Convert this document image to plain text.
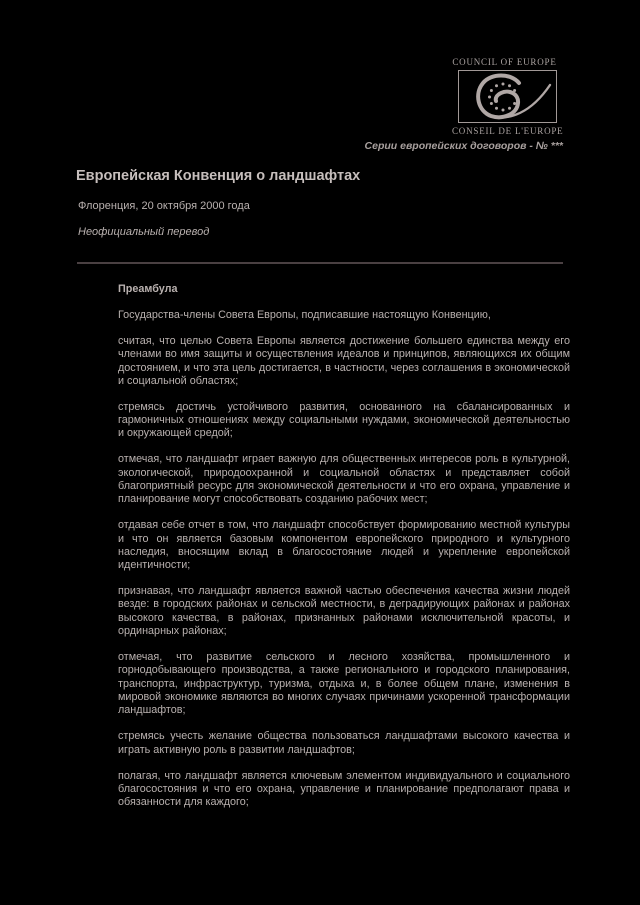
COUNCIL OF EUROPE
CONSEIL DE L'EUROPE
Серии европейских договоров - № ***
Европейская Конвенция о ландшафтах
Флоренция, 20 октября 2000 года
Неофициальный перевод
Преамбула

Государства-члены Совета Европы, подписавшие настоящую Конвенцию,

считая, что целью Совета Европы является достижение большего единства между его членами во имя защиты и осуществления идеалов и принципов, являющихся их общим достоянием, и что эта цель достигается, в частности, через соглашения в экономической и социальной областях;

стремясь достичь устойчивого развития, основанного на сбалансированных и гармоничных отношениях между социальными нуждами, экономической деятельностью и окружающей средой;

отмечая, что ландшафт играет важную для общественных интересов роль в культурной, экологической, природоохранной и социальной областях и представляет собой благоприятный ресурс для экономической деятельности и что его охрана, управление и планирование могут способствовать созданию рабочих мест;

отдавая себе отчет в том, что ландшафт способствует формированию местной культуры и что он является базовым компонентом европейского природного и культурного наследия, вносящим вклад в благосостояние людей и укрепление европейской идентичности;

признавая, что ландшафт является важной частью обеспечения качества жизни людей везде: в городских районах и сельской местности, в деградирующих районах и районах высокого качества, в районах, признанных районами исключительной красоты, и ординарных районах;

отмечая, что развитие сельского и лесного хозяйства, промышленного и горнодобывающего производства, а также регионального и городского планирования, транспорта, инфраструктур, туризма, отдыха и, в более общем плане, изменения в мировой экономике являются во многих случаях причинами ускоренной трансформации ландшафтов;

стремясь учесть желание общества пользоваться ландшафтами высокого качества и играть активную роль в развитии ландшафтов;

полагая, что ландшафт является ключевым элементом индивидуального и социального благосостояния и что его охрана, управление и планирование предполагают права и обязанности для каждого;
